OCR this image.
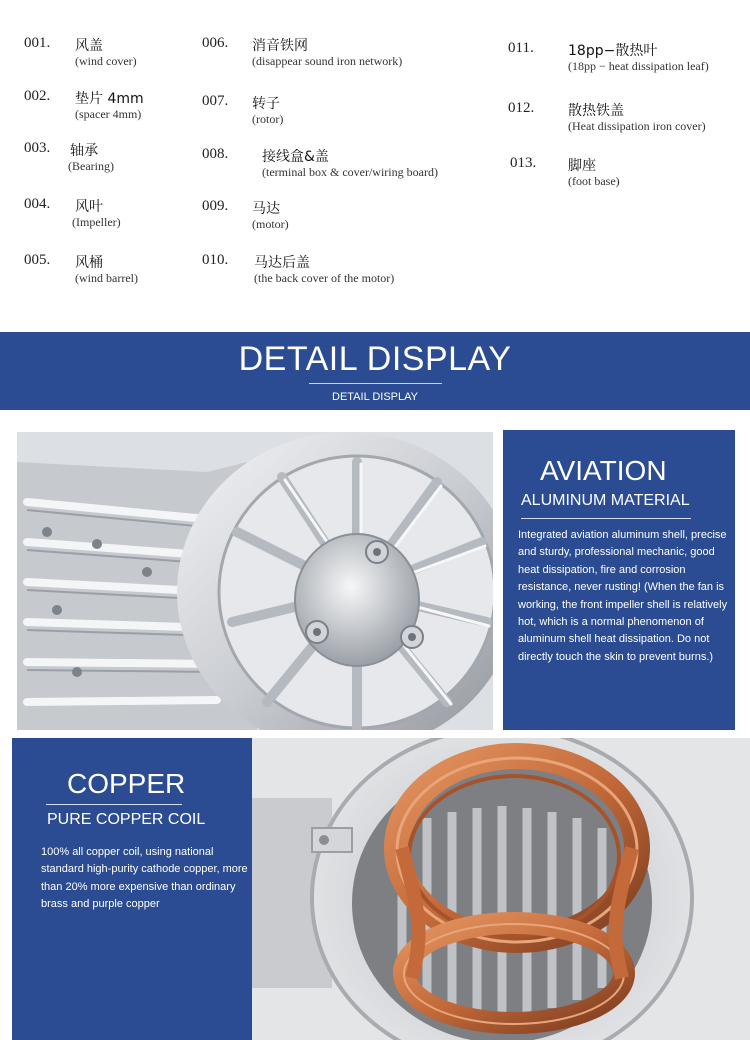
001. 风盖
(wind cover)
002. 垫片 4mm
(spacer 4mm)
003. 轴承
(Bearing)
004. 风叶
(Impeller)
005. 风桶
(wind barrel)
006. 消音铁网
(disappear sound iron network)
007. 转子
(rotor)
008. 接线盒&盖
(terminal box & cover/wiring board)
009. 马达
(motor)
010. 马达后盖
(the back cover of the motor)
011. 18pp−散热叶
(18pp − heat dissipation leaf)
012. 散热铁盖
(Heat dissipation iron cover)
013. 脚座
(foot base)
DETAIL DISPLAY
DETAIL DISPLAY
AVIATION
ALUMINUM MATERIAL

Integrated aviation aluminum shell, precise and sturdy, professional mechanic, good heat dissipation, fire and corrosion resistance, never rusting! (When the fan is working, the front impeller shell is relatively hot, which is a normal phenomenon of aluminum shell heat dissipation. Do not directly touch the skin to prevent burns.)

COPPER
PURE COPPER COIL

100% all copper coil, using national standard high-purity cathode copper, more than 20% more expensive than ordinary brass and purple copper
